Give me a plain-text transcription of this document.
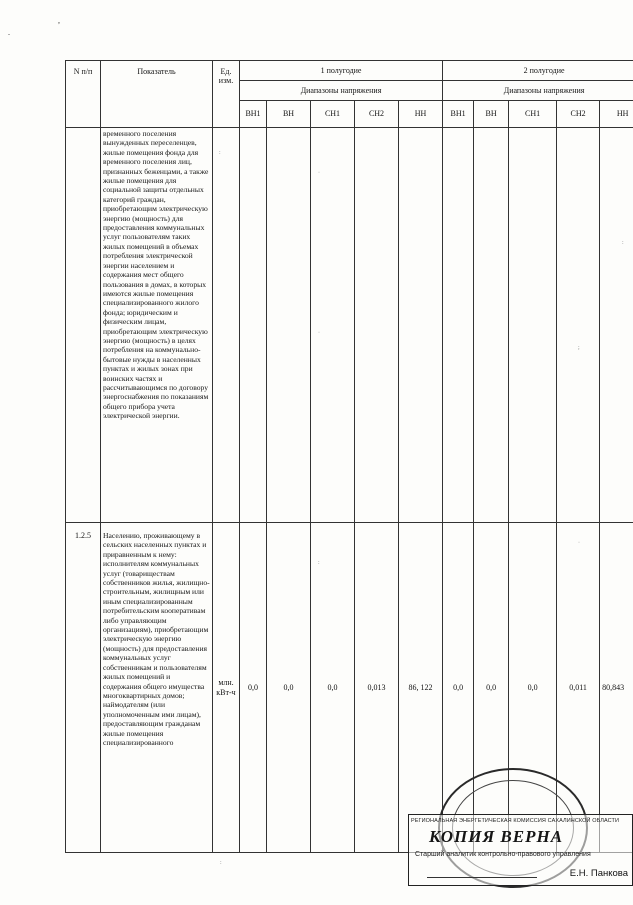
.
,
N п/п	Показатель	Ед. изм.	1 полугодие					2 полугодие				
			Диапазоны напряжения					Диапазоны напряжения				
			ВН1	ВН	СН1	СН2	НН	ВН1	ВН	СН1	СН2	НН
	временного поселения вынужденных переселенцев, жилые помещения фонда для временного поселения лиц, признанных беженцами, а также жилые помещения для социальной защиты отдельных категорий граждан, приобретающим электрическую энергию (мощность) для предоставления коммунальных услуг пользователям таких жилых помещений в объемах потребления электрической энергии населением и содержания мест общего пользования в домах, в которых имеются жилые помещения специализированного жилого фонда; юридическим и физическим лицам, приобретающим электрическую энергию (мощность) в целях потребления на коммунально-бытовые нужды в населенных пунктах и жилых зонах при воинских частях и рассчитывающимся по договору энергоснабжения по показаниям общего прибора учета электрической энергии.											
1.2.5	Населению, проживающему в сельских населенных пунктах и приравненным к нему: исполнителям коммунальных услуг (товариществам собственников жилья, жилищно-строительным, жилищным или иным специализированным потребительским кооперативам либо управляющим организациям), приобретающим электрическую энергию (мощность) для предоставления коммунальных услуг собственникам и пользователям жилых помещений и содержания общего имущества многоквартирных домов; наймодателям (или уполномоченным ими лицам), предоставляющим гражданам жилые помещения специализированного	млн. кВт-ч	0,0	0,0	0,0	0,013	86, 122	0,0	0,0	0,0	0,011	80,843
:
·
·
;
:
:
·
:
РЕГИОНАЛЬНАЯ ЭНЕРГЕТИЧЕСКАЯ КОМИССИЯ САХАЛИНСКОЙ ОБЛАСТИ
КОПИЯ ВЕРНА
Старший аналитик контрольно-правового управления
Е.Н. Панкова
